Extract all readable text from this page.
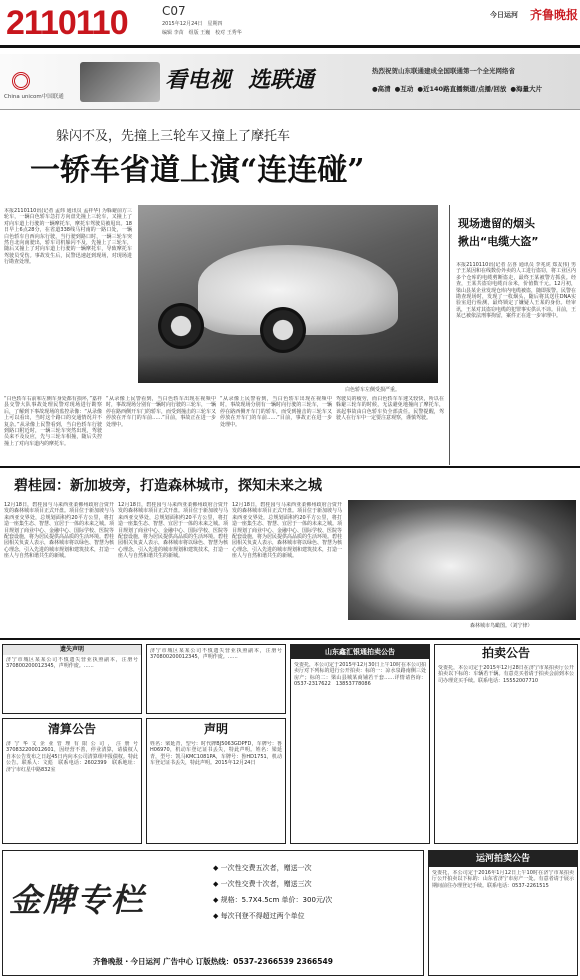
2110110	C07
2015年12月24日　星期四
编辑 李苗　组版 王巍　校对 王秀华
今日运河	齐鲁晚报
China unicom中国联通
看电视 选联通	热烈祝贺山东联通建成全国联通第一个全光网络省
●高清 ●互动 ●近140路直播频道/点播/回放 ●海量大片
躲闪不及，先撞上三轮车又撞上了摩托车
一轿车省道上演“连连碰”
本报2110110讯(记者 孟炜 通讯员 孟祥华) 为躲避前方三轮车，一辆白色轿车急打方向盘先撞上三轮车，又撞上了对向车道上行驶的一辆摩托车，摩托车驾驶员被甩出。18日早上6点28分，在省道338线马村南的一路口处，一辆白色轿车自西向东行驶，当行驶到路口时，一辆三轮车突然自北向南驶出，轿车司机躲闪不及，先撞上了三轮车，随后又撞上了对向车道上行驶的一辆摩托车，导致摩托车驾驶员受伤。事故发生后，民警迅速赶到现场，对现场进行勘查处理。
白色轿车左侧受损严重。
“白色轿车右前和左侧车身处都有损坏，”嘉祥县交警大队事故处理民警对现场进行勘察后，了解到下事故现场的监控录像：“从录像上可以看出，当时这个路口的交通情况并不复杂。”从录像上民警看到，当白色轿车行驶到路口附近时，一辆三轮车突然出现，驾驶员来不及反应，先与三轮车相撞，随后失控撞上了对向车道内的摩托车。
“从录像上民警看到，当白色轿车出现在视频中时，事故现场分别有一辆时向行驶的三轮车，一辆停在路西侧开车门的轿车，而受到撞击的三轮车又停放在开车门的车前……”目前，事故正在进一步处理中。
“从录像上民警看到，当白色轿车出现在视频中时，事故现场分别有一辆时向行驶的三轮车，一辆停在路西侧开车门的轿车，而受到撞击的三轮车又停放在开车门的车前……”目前，事故正在进一步处理中。
驾驶员的疲劳，而白色轿车车速又较快，所以在躲避三轮车的时候，无法避免地撞向了摩托车，该起事故由白色轿车负全部责任。民警提醒，驾驶人在行车中一定要注意观察，谨慎驾驶。
现场遗留的烟头
揪出“电缆大盗”
本报2110110讯(记者 岳喜 通讯员 李兆虎 郑友伟) 男子王某因和在线数份外卖的人工进行盗窃，将工业区内多个仓库的电缆剪断盗走，最终王某被警方抓获。经查，王某共盗窃电缆百余米，价值数千元。12月初，梁山县某企业发现仓库内电缆被盗，随即报警。民警在勘查现场时，发现了一枚烟头，随后将其送往DNA实验室进行检测，最终锁定了嫌疑人王某的身份。经审讯，王某对其盗窃电缆的犯罪事实供认不讳。目前，王某已被依法刑事拘留，案件正在进一步审理中。
碧桂园：新加坡旁，打造森林城市，探知未来之城
12月18日，碧桂园与马来西亚柔佛州政府合资开发的森林城市项目正式开盘。项目位于新加坡与马来西亚交界处，总规划面积约20平方公里，将打造一座集生态、智慧、宜居于一体的未来之城。项目规划了商业中心、金融中心、国际学校、医院等配套设施，将为居民提供高品质的生活环境。碧桂园相关负责人表示，森林城市将以绿色、智慧为核心理念，引入先进的城市规划和建筑技术，打造一座人与自然和谐共生的新城。
12月18日，碧桂园与马来西亚柔佛州政府合资开发的森林城市项目正式开盘。项目位于新加坡与马来西亚交界处，总规划面积约20平方公里，将打造一座集生态、智慧、宜居于一体的未来之城。项目规划了商业中心、金融中心、国际学校、医院等配套设施，将为居民提供高品质的生活环境。碧桂园相关负责人表示，森林城市将以绿色、智慧为核心理念，引入先进的城市规划和建筑技术，打造一座人与自然和谐共生的新城。
12月18日，碧桂园与马来西亚柔佛州政府合资开发的森林城市项目正式开盘。项目位于新加坡与马来西亚交界处，总规划面积约20平方公里，将打造一座集生态、智慧、宜居于一体的未来之城。项目规划了商业中心、金融中心、国际学校、医院等配套设施，将为居民提供高品质的生活环境。碧桂园相关负责人表示，森林城市将以绿色、智慧为核心理念，引入先进的城市规划和建筑技术，打造一座人与自然和谐共生的新城。
森林城市鸟瞰图。（刘宁律）
遗失声明
济宁市城区某某公司不慎遗失营业执照副本，注册号370800200012345，声明作废。……
济宁市城区某某公司不慎遗失营业执照副本，注册号370800200012345，声明作废。……
山东鑫汇银通拍卖公告
受委托，本公司定于2015年12月30日上午10时在本公司拍卖厅对下列标的进行公开拍卖：标的一：凉水泉路南侧三处房产；标的二：梁山县城某商铺若干套……详情请咨询：0537-2317622　13853778086
拍卖公告
受委托，本公司定于2015年12月28日在济宁市某拍卖厅公开拍卖以下标的：车辆若干辆。有意竞买者请于拍卖会前到本公司办理竞买手续。联系电话：15552007710
清算公告
济宁华文企业管理有限公司，注册号370832200012601，因经营不善，停业清算，请债权人自本公告发布之日起45日内向本公司清算组申报债权。特此公告。联系人：文彪　联系电话：2602399　联系地址：济宁市红星中路832室
声明
姓名：梁延青，型号：时代牌BJ5063GDPFD，车牌号：鲁H06970，机动车登记证书丢失，特此声明。姓名：梁延青，型号：凯马KMC1081PA，车牌号：鲁HD1751，机动车登记证书丢失，特此声明。2015年12月24日
金牌专栏
◆ 一次性交费五次者，赠送一次
◆ 一次性交费十次者，赠送三次
◆ 规格：5.7X4.5cm 单价：300元/次
◆ 每次刊登不得超过两个单位
齐鲁晚报・今日运河 广告中心 订版热线：0537-2366539 2366549
运河拍卖公告
受委托，本公司定于2016年1月12日上午10时在济宁市某拍卖厅公开拍卖以下标的：山东省济宁市房产一处。有意者请于展示期间前往办理登记手续。联系电话：0537-2261515
